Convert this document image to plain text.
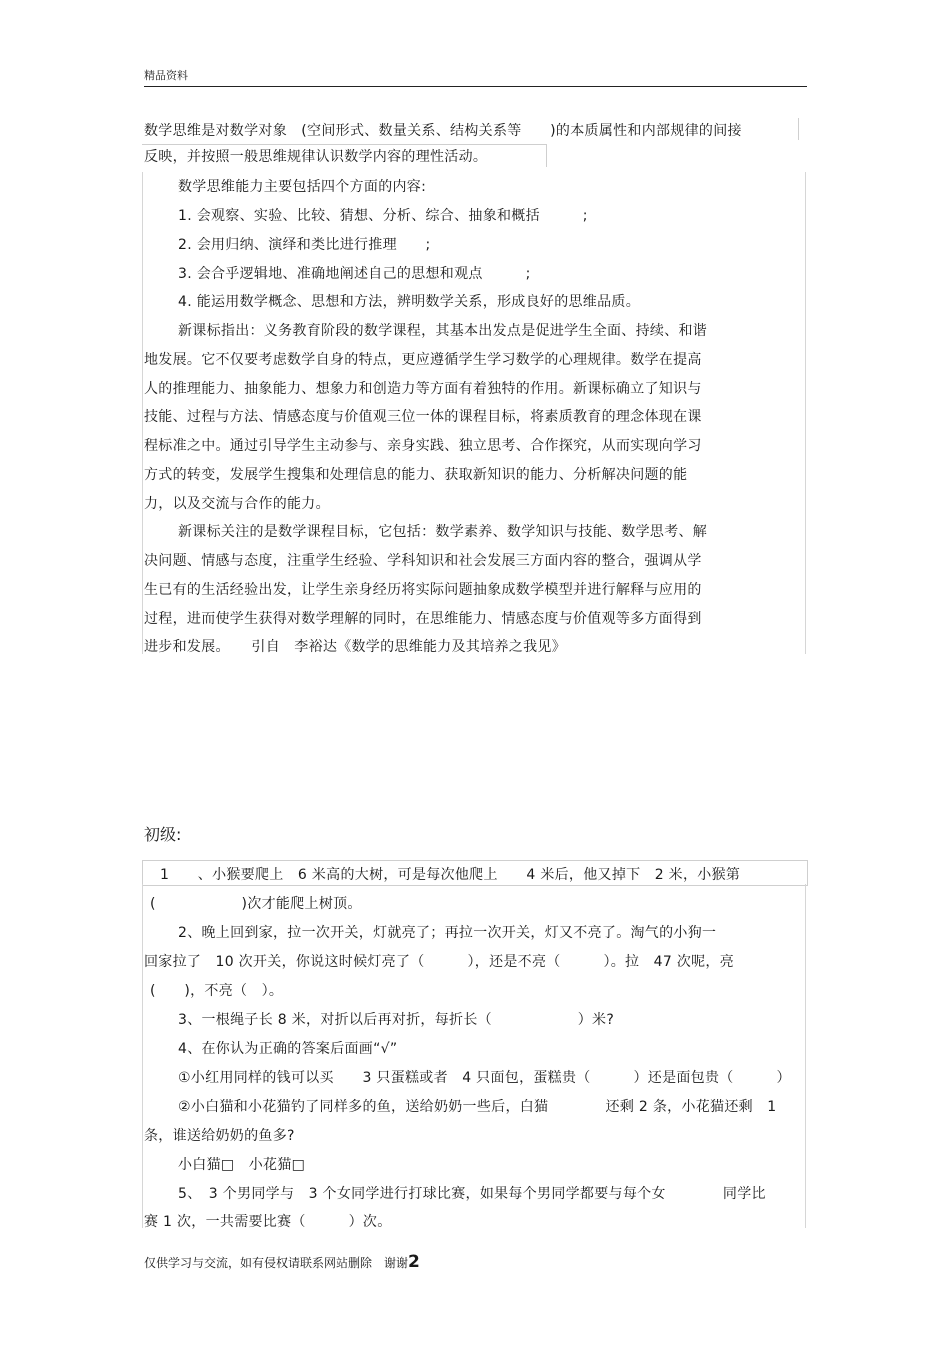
精品资料
数学思维是对数学对象　(空间形式、数量关系、结构关系等　　)的本质属性和内部规律的间接
反映，并按照一般思维规律认识数学内容的理性活动。
数学思维能力主要包括四个方面的内容:
1. 会观察、实验、比较、猜想、分析、综合、抽象和概括　　　;
2. 会用归纳、演绎和类比进行推理　　;
3. 会合乎逻辑地、准确地阐述自己的思想和观点　　　;
4. 能运用数学概念、思想和方法，辨明数学关系，形成良好的思维品质。
新课标指出：义务教育阶段的数学课程，其基本出发点是促进学生全面、持续、和谐
地发展。它不仅要考虑数学自身的特点，更应遵循学生学习数学的心理规律。数学在提高
人的推理能力、抽象能力、想象力和创造力等方面有着独特的作用。新课标确立了知识与
技能、过程与方法、情感态度与价值观三位一体的课程目标，将素质教育的理念体现在课
程标准之中。通过引导学生主动参与、亲身实践、独立思考、合作探究，从而实现向学习
方式的转变，发展学生搜集和处理信息的能力、获取新知识的能力、分析解决问题的能
力，以及交流与合作的能力。
新课标关注的是数学课程目标，它包括：数学素养、数学知识与技能、数学思考、解
决问题、情感与态度，注重学生经验、学科知识和社会发展三方面内容的整合，强调从学
生已有的生活经验出发，让学生亲身经历将实际问题抽象成数学模型并进行解释与应用的
过程，进而使学生获得对数学理解的同时，在思维能力、情感态度与价值观等多方面得到
进步和发展。　　引自　李裕达《数学的思维能力及其培养之我见》
初级:
1　　、小猴要爬上　6 米高的大树，可是每次他爬上　　4 米后，他又掉下　2 米，小猴第
(　　　　　　)次才能爬上树顶。
2、晚上回到家，拉一次开关，灯就亮了；再拉一次开关，灯又不亮了。淘气的小狗一
回家拉了　10 次开关，你说这时候灯亮了（　　　），还是不亮（　　　）。拉　47 次呢，亮
(　　)，不亮（　）。
3、一根绳子长 8 米，对折以后再对折，每折长（　　　　　　）米?
4、在你认为正确的答案后面画“√”
①小红用同样的钱可以买　　3 只蛋糕或者　4 只面包，蛋糕贵（　　　）还是面包贵（　　　）
②小白猫和小花猫钓了同样多的鱼，送给奶奶一些后，白猫　　　　还剩 2 条，小花猫还剩　1
条，谁送给奶奶的鱼多?
小白猫□　小花猫□
5、　3 个男同学与　3 个女同学进行打球比赛，如果每个男同学都要与每个女　　　　同学比
赛 1 次，一共需要比赛（　　　）次。
仅供学习与交流，如有侵权请联系网站删除　谢谢2
